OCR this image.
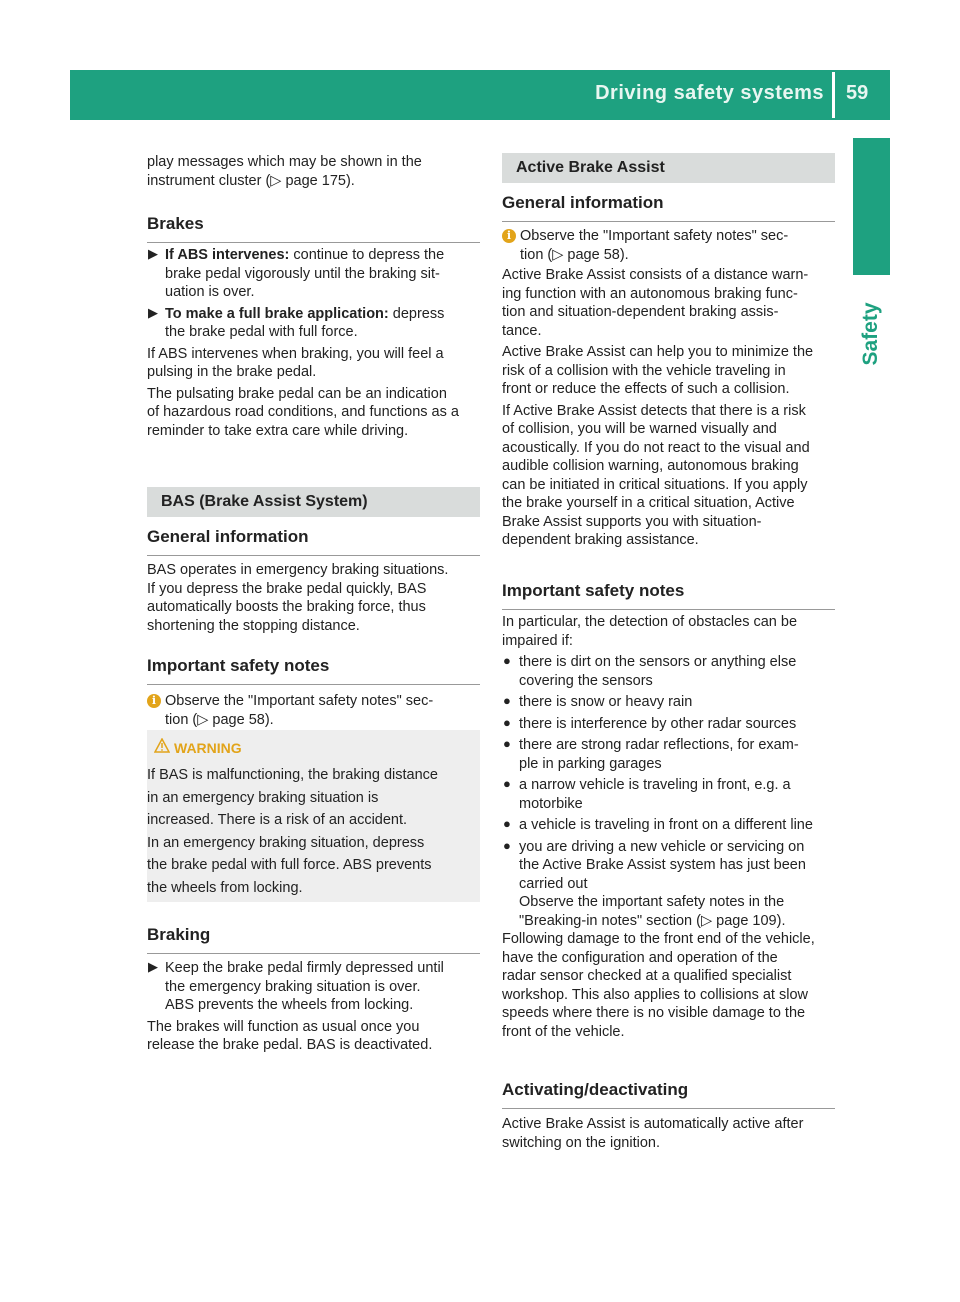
Driving safety systems 59
Safety

play messages which may be shown in the

instrument cluster (▷ page 175).

Brakes
▶ If ABS intervenes: continue to depress the

brake pedal vigorously until the braking sit-

uation is over.

▶ To make a full brake application: depress

the brake pedal with full force.

If ABS intervenes when braking, you will feel a

pulsing in the brake pedal.

The pulsating brake pedal can be an indication

of hazardous road conditions, and functions as a

reminder to take extra care while driving.

BAS (Brake Assist System)
General information

BAS operates in emergency braking situations.

If you depress the brake pedal quickly, BAS

automatically boosts the braking force, thus

shortening the stopping distance.

Important safety notes
i Observe the "Important safety notes" sec-

tion (▷ page 58).

WARNING

If BAS is malfunctioning, the braking distance

in an emergency braking situation is

increased. There is a risk of an accident.

In an emergency braking situation, depress

the brake pedal with full force. ABS prevents

the wheels from locking.

Braking
▶ Keep the brake pedal firmly depressed until

the emergency braking situation is over.

ABS prevents the wheels from locking.

The brakes will function as usual once you

release the brake pedal. BAS is deactivated.

Active Brake Assist
General information
i Observe the "Important safety notes" sec-

tion (▷ page 58).

Active Brake Assist consists of a distance warn-

ing function with an autonomous braking func-

tion and situation-dependent braking assis-

tance.

Active Brake Assist can help you to minimize the

risk of a collision with the vehicle traveling in

front or reduce the effects of such a collision.

If Active Brake Assist detects that there is a risk

of collision, you will be warned visually and

acoustically. If you do not react to the visual and

audible collision warning, autonomous braking

can be initiated in critical situations. If you apply

the brake yourself in a critical situation, Active

Brake Assist supports you with situation-

dependent braking assistance.

Important safety notes

In particular, the detection of obstacles can be

impaired if:

● there is dirt on the sensors or anything else

covering the sensors

● there is snow or heavy rain

● there is interference by other radar sources

● there are strong radar reflections, for exam-

ple in parking garages

● a narrow vehicle is traveling in front, e.g. a

motorbike

● a vehicle is traveling in front on a different line

● you are driving a new vehicle or servicing on

the Active Brake Assist system has just been

carried out

Observe the important safety notes in the

"Breaking-in notes" section (▷ page 109).

Following damage to the front end of the vehicle,

have the configuration and operation of the

radar sensor checked at a qualified specialist

workshop. This also applies to collisions at slow

speeds where there is no visible damage to the

front of the vehicle.

Activating/deactivating

Active Brake Assist is automatically active after

switching on the ignition.
